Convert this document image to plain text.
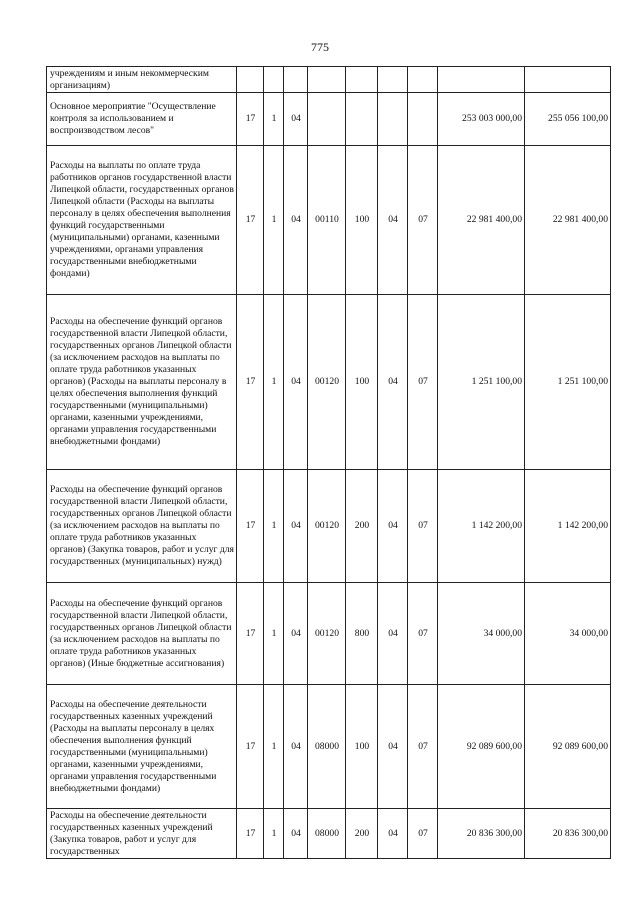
775
учреждениям и иным некоммерческим организациям)									
Основное мероприятие "Осуществление контроля за использованием и воспроизводством лесов"	17	1	04					253 003 000,00	255 056 100,00
Расходы на выплаты по оплате труда работников органов государственной власти Липецкой области, государственных органов Липецкой области (Расходы на выплаты персоналу в целях обеспечения выполнения функций государственными (муниципальными) органами, казенными учреждениями, органами управления государственными внебюджетными фондами)	17	1	04	00110	100	04	07	22 981 400,00	22 981 400,00
Расходы на обеспечение функций органов государственной власти Липецкой области, государственных органов Липецкой области (за исключением расходов на выплаты по оплате труда работников указанных органов) (Расходы на выплаты персоналу в целях обеспечения выполнения функций государственными (муниципальными) органами, казенными учреждениями, органами управления государственными внебюджетными фондами)	17	1	04	00120	100	04	07	1 251 100,00	1 251 100,00
Расходы на обеспечение функций органов государственной власти Липецкой области, государственных органов Липецкой области (за исключением расходов на выплаты по оплате труда работников указанных органов) (Закупка товаров, работ и услуг для государственных (муниципальных) нужд)	17	1	04	00120	200	04	07	1 142 200,00	1 142 200,00
Расходы на обеспечение функций органов государственной власти Липецкой области, государственных органов Липецкой области (за исключением расходов на выплаты по оплате труда работников указанных органов) (Иные бюджетные ассигнования)	17	1	04	00120	800	04	07	34 000,00	34 000,00
Расходы на обеспечение деятельности государственных казенных учреждений (Расходы на выплаты персоналу в целях обеспечения выполнения функций государственными (муниципальными) органами, казенными учреждениями, органами управления государственными внебюджетными фондами)	17	1	04	08000	100	04	07	92 089 600,00	92 089 600,00
Расходы на обеспечение деятельности государственных казенных учреждений (Закупка товаров, работ и услуг для государственных	17	1	04	08000	200	04	07	20 836 300,00	20 836 300,00
